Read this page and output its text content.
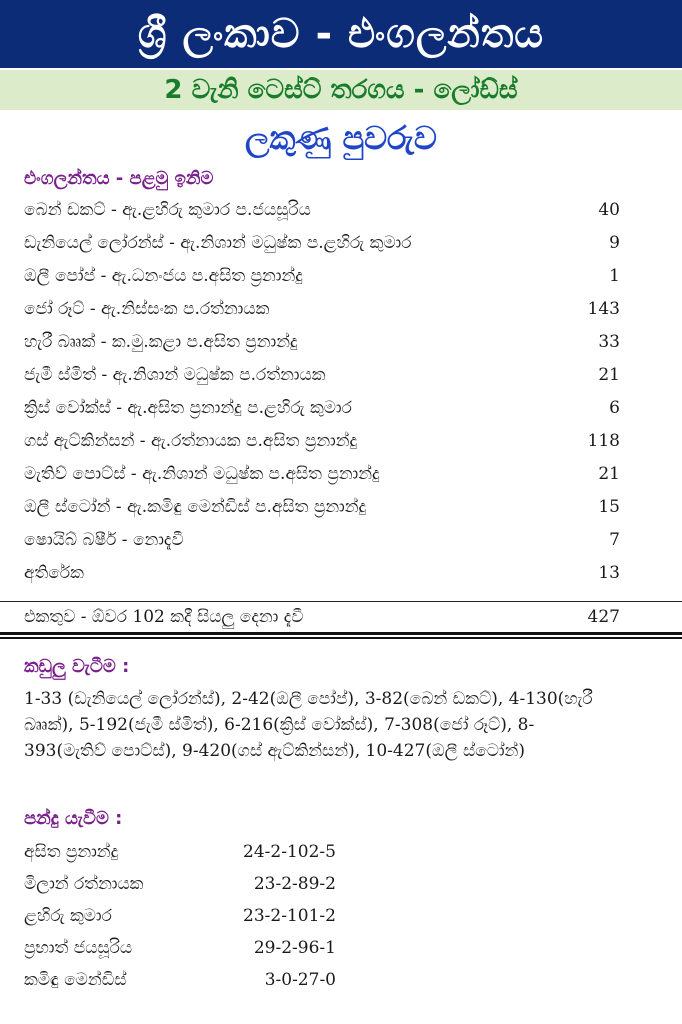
ශ්‍රී ලංකාව - එංගලන්තය
2 වැනි ටෙස්ට් තරගය - ලෝඩ්ස්
ලකුණු පුවරුව
එංගලන්තය - පළමු ඉනිම
බෙන් ඩකට් - ඇ.ළහිරු කුමාර ප.ජයසූරිය	40
ඩැනියෙල් ලෝරන්ස් - ඇ.නිශාන් මධුෂ්ක ප.ළහිරු කුමාර	9
ඔලී පෝප් - ඇ.ධනංජය ප.අසිත ප්‍රනාන්දු	1
ජෝ රූට් - ඇ.නිස්සංක ප.රත්නායක	143
හැරී බෲක් - ක.මු.කළා ප.අසිත ප්‍රනාන්දු	33
ජැමී ස්මිත් - ඇ.නිශාන් මධුෂ්ක ප.රත්නායක	21
ක්‍රිස් වෝක්ස් - ඇ.අසිත ප්‍රනාන්දු ප.ළහිරු කුමාර	6
ගස් ඇට්කින්සන් - ඇ.රත්නායක ප.අසිත ප්‍රනාන්දු	118
මැතිව් පොට්ස් - ඇ.නිශාන් මධුෂ්ක ප.අසිත ප්‍රනාන්දු	21
ඔලී ස්ටෝන් - ඇ.කමිඳු මෙන්ඩිස් ප.අසිත ප්‍රනාන්දු	15
ෂොයිබ් බෂීර් - නොදැවී	7
අතිරේක	13
එකතුව - ඕවර 102 කදී සියලු දෙනා දැවී	427
කඩුලු වැටීම :
1-33 (ඩැනියෙල් ලෝරන්ස්), 2-42(ඔලී පෝප්), 3-82(බෙන් ඩකට්), 4-130(හැරී
බෲක්), 5-192(ජැමී ස්මිත්), 6-216(ක්‍රිස් වෝක්ස්), 7-308(ජෝ රූට්), 8-
393(මැතිව් පොට්ස්), 9-420(ගස් ඇට්කින්සන්), 10-427(ඔලී ස්ටෝන්)
පන්දු යැවීම :
අසිත ප්‍රනාන්දු	24-2-102-5
මිලාන් රත්නායක	23-2-89-2
ළහිරු කුමාර	23-2-101-2
ප්‍රභාත් ජයසූරිය	29-2-96-1
කමිඳු මෙන්ඩිස්	3-0-27-0
